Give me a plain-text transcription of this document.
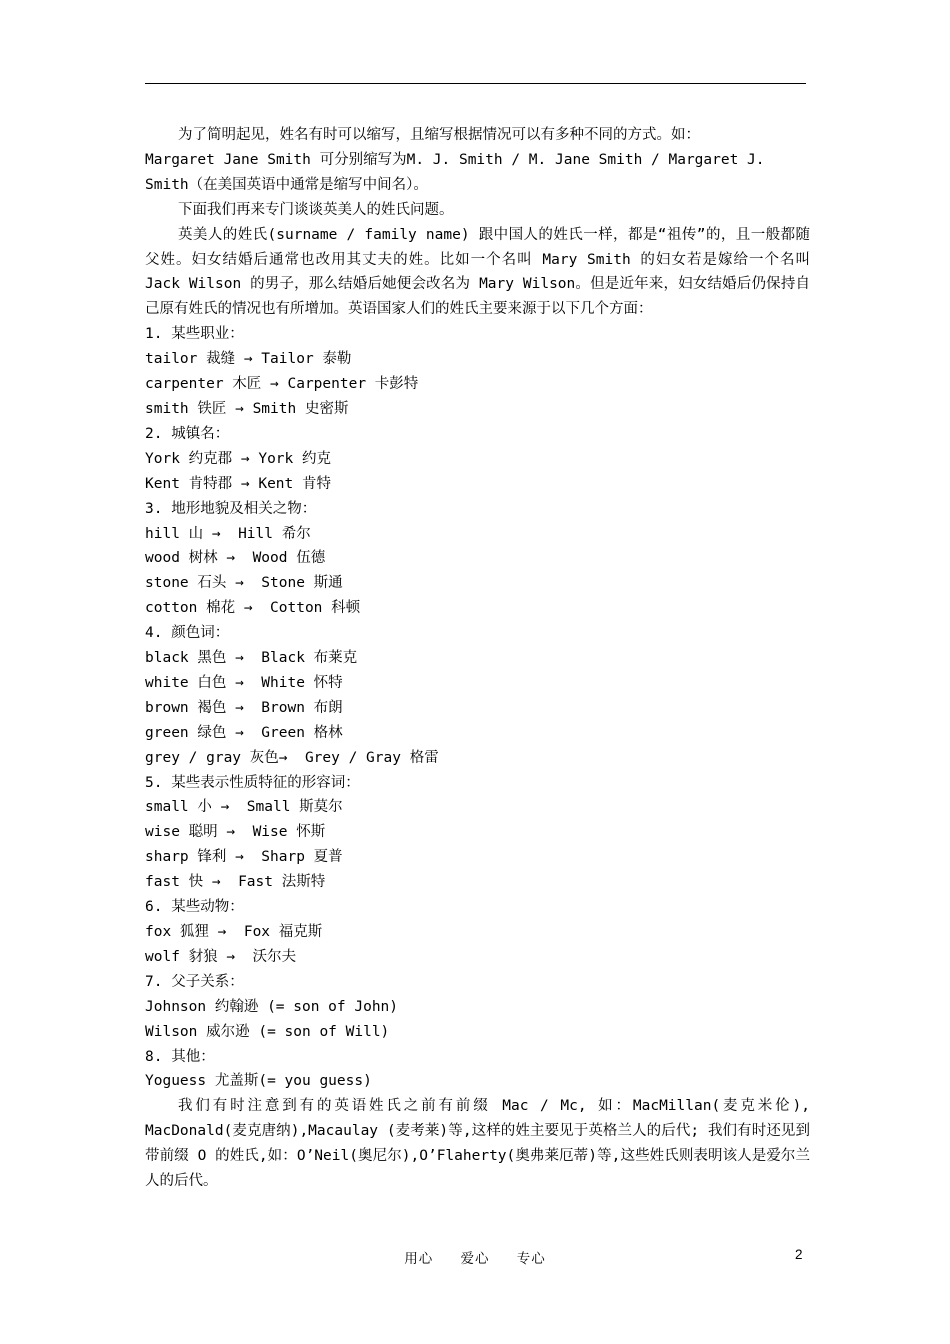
为了简明起见，姓名有时可以缩写，且缩写根据情况可以有多种不同的方式。如：

Margaret Jane Smith 可分别缩写为M. J. Smith / M. Jane Smith / Margaret J.

Smith（在美国英语中通常是缩写中间名）。

下面我们再来专门谈谈英美人的姓氏问题。

英美人的姓氏(surname / family name) 跟中国人的姓氏一样，都是“祖传”的，且一般都随父姓。妇女结婚后通常也改用其丈夫的姓。比如一个名叫 Mary Smith 的妇女若是嫁给一个名叫 Jack Wilson 的男子，那么结婚后她便会改名为 Mary Wilson。但是近年来，妇女结婚后仍保持自己原有姓氏的情况也有所增加。英语国家人们的姓氏主要来源于以下几个方面：

1. 某些职业：

tailor 裁缝 → Tailor 泰勒

carpenter 木匠 → Carpenter 卡彭特

smith 铁匠 → Smith 史密斯

2. 城镇名：

York 约克郡 → York 约克

Kent 肯特郡 → Kent 肯特

3. 地形地貌及相关之物：

hill 山 →  Hill 希尔

wood 树林 →  Wood 伍德

stone 石头 →  Stone 斯通

cotton 棉花 →  Cotton 科顿

4. 颜色词：

black 黑色 →  Black 布莱克

white 白色 →  White 怀特

brown 褐色 →  Brown 布朗

green 绿色 →  Green 格林

grey / gray 灰色→  Grey / Gray 格雷

5. 某些表示性质特征的形容词：

small 小 →  Small 斯莫尔

wise 聪明 →  Wise 怀斯

sharp 锋利 →  Sharp 夏普

fast 快 →  Fast 法斯特

6. 某些动物：

fox 狐狸 →  Fox 福克斯

wolf 豺狼 →  沃尔夫

7. 父子关系：

Johnson 约翰逊 (= son of John)

Wilson 威尔逊 (= son of Will)

8. 其他：

Yoguess 尤盖斯(= you guess)

我们有时注意到有的英语姓氏之前有前缀 Mac / Mc, 如：MacMillan(麦克米伦), MacDonald(麦克唐纳),Macaulay (麦考莱)等,这样的姓主要见于英格兰人的后代; 我们有时还见到带前缀 O 的姓氏,如：O’Neil(奥尼尔),O’Flaherty(奥弗莱厄蒂)等,这些姓氏则表明该人是爱尔兰人的后代。

用心 爱心 专心	2
